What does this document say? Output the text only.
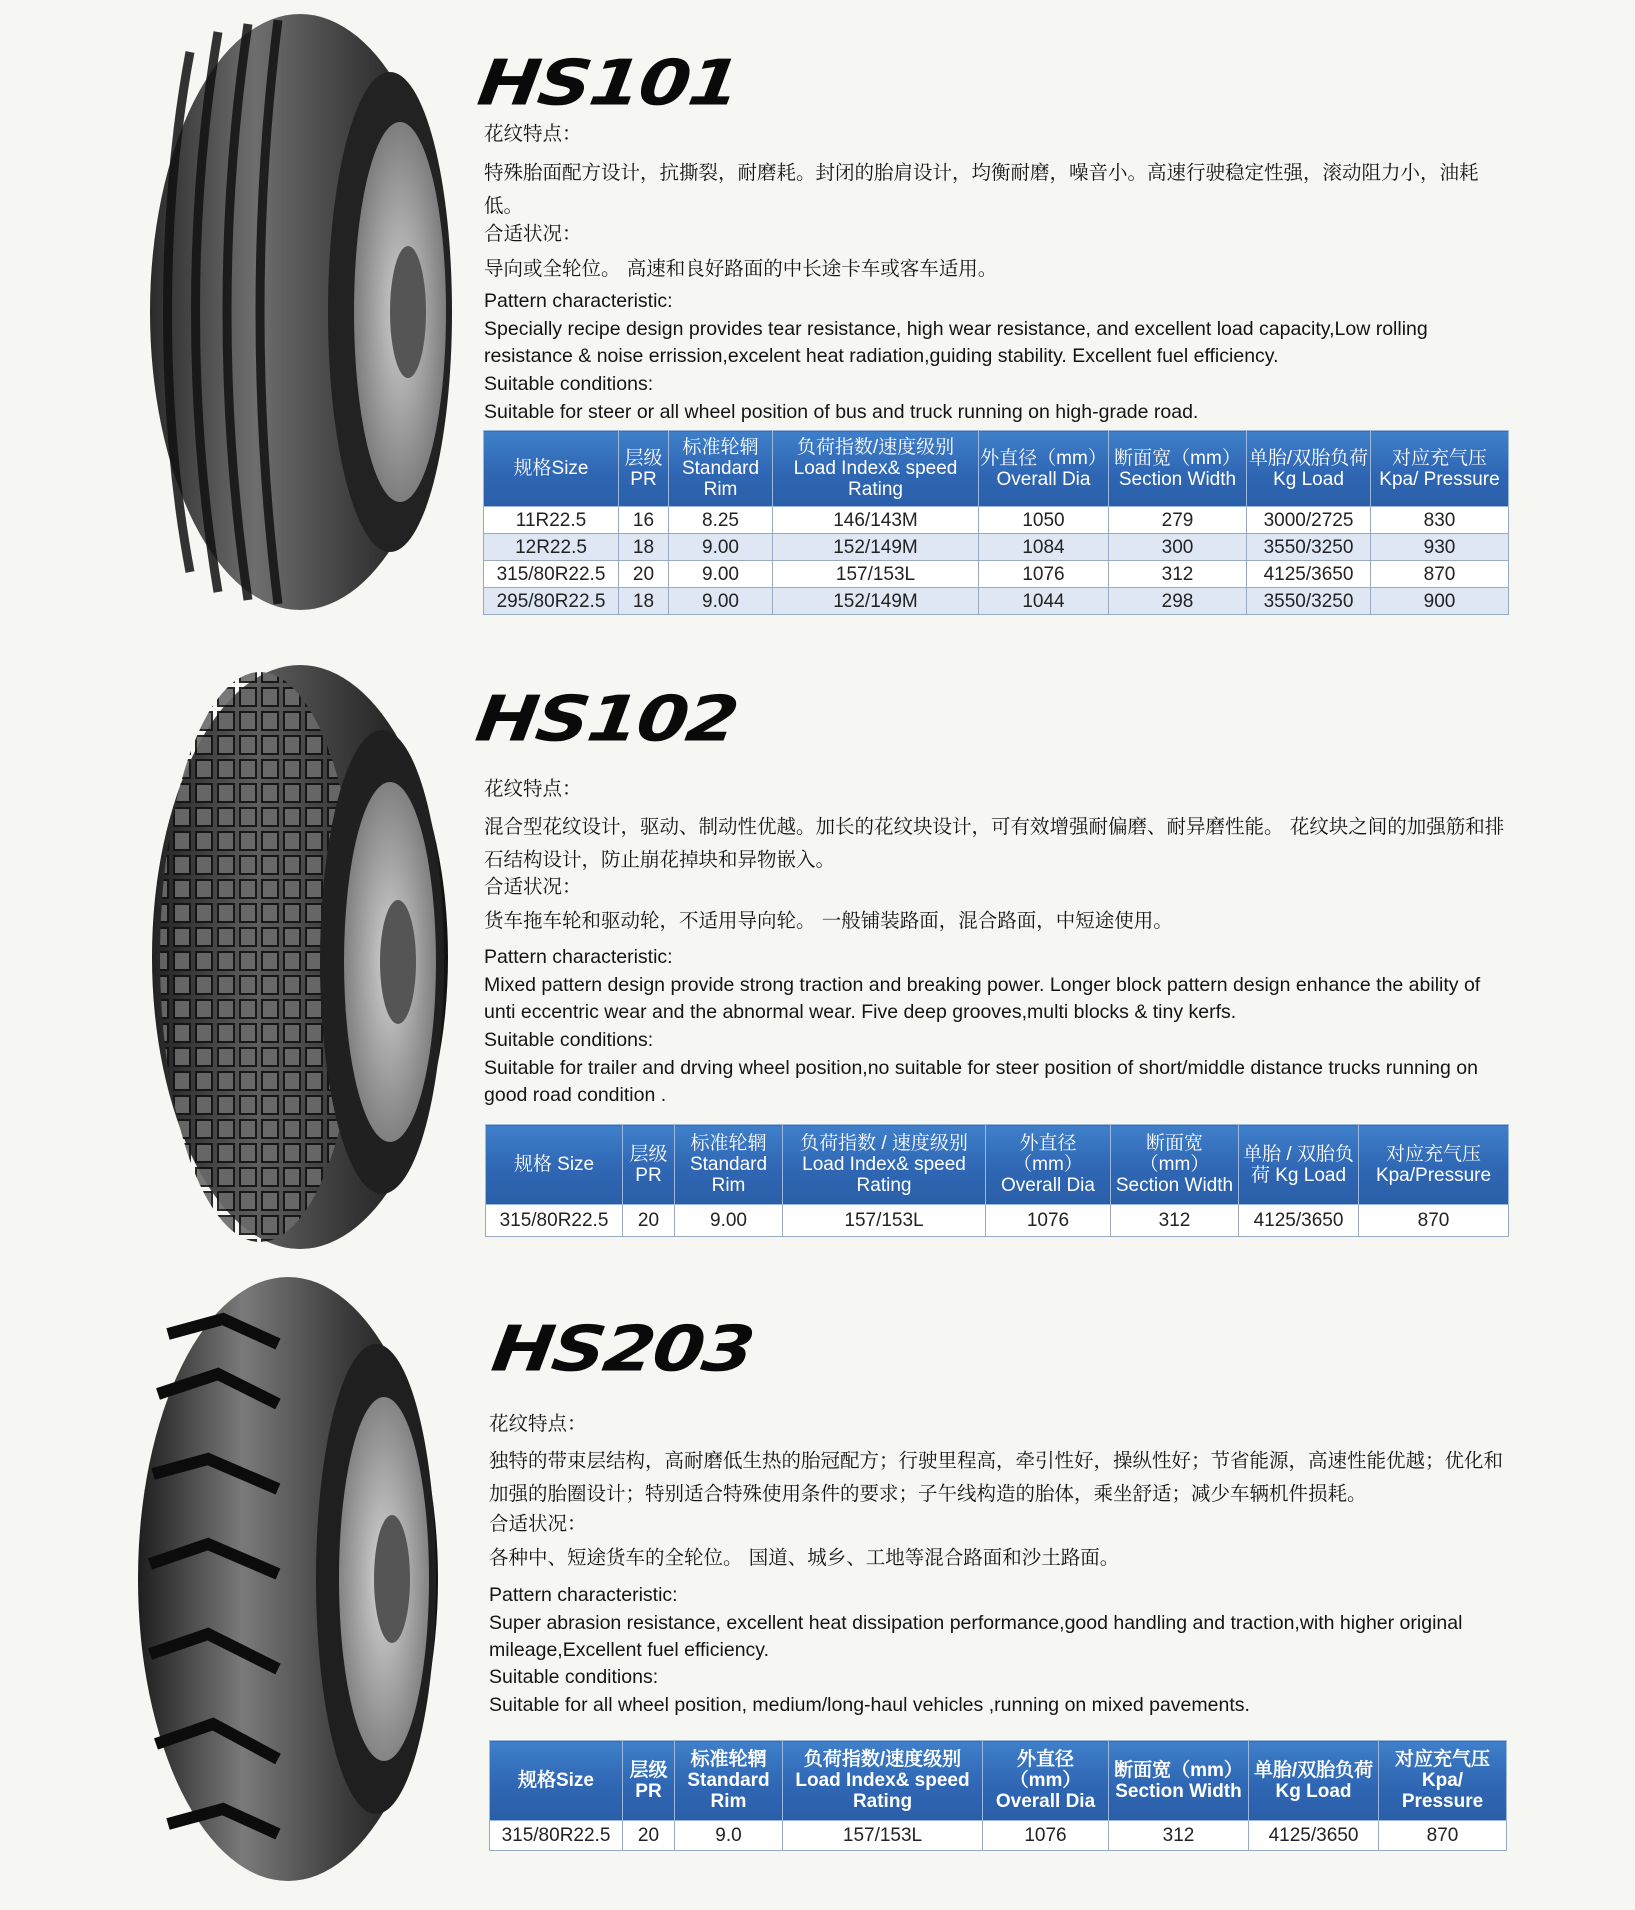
HS101
花纹特点：
特殊胎面配方设计，抗撕裂，耐磨耗。封闭的胎肩设计，均衡耐磨，噪音小。高速行驶稳定性强，滚动阻力小，油耗低。
合适状况：
导向或全轮位。 高速和良好路面的中长途卡车或客车适用。
Pattern characteristic:
Specially recipe design provides tear resistance, high wear resistance, and excellent load capacity,Low rolling resistance & noise errission,excelent heat radiation,guiding stability. Excellent fuel efficiency.
Suitable conditions:
Suitable for steer or all wheel position of bus and truck running on high-grade road.
规格Size	层级 PR	标准轮辋 Standard Rim	负荷指数/速度级别 Load Index& speed Rating	外直径（mm） Overall Dia	断面宽（mm） Section Width	单胎/双胎负荷Kg Load	对应充气压 Kpa/ Pressure
11R22.5	16	8.25	146/143M	1050	279	3000/2725	830
12R22.5	18	9.00	152/149M	1084	300	3550/3250	930
315/80R22.5	20	9.00	157/153L	1076	312	4125/3650	870
295/80R22.5	18	9.00	152/149M	1044	298	3550/3250	900
HS102
花纹特点：
混合型花纹设计，驱动、制动性优越。加长的花纹块设计，可有效增强耐偏磨、耐异磨性能。 花纹块之间的加强筋和排石结构设计，防止崩花掉块和异物嵌入。
合适状况：
货车拖车轮和驱动轮，不适用导向轮。 一般铺装路面，混合路面，中短途使用。
Pattern characteristic:
Mixed pattern design provide strong traction and breaking power. Longer block pattern design enhance the ability of unti eccentric wear and the abnormal wear. Five deep grooves,multi blocks & tiny kerfs.
Suitable conditions:
Suitable for trailer and drving wheel position,no suitable for steer position of short/middle distance trucks running on good road condition .
规格 Size	层级 PR	标准轮辋 Standard Rim	负荷指数 / 速度级别 Load Index& speed Rating	外直径（mm） Overall Dia	断面宽（mm） Section Width	单胎 / 双胎负荷 Kg Load	对应充气压 Kpa/Pressure
315/80R22.5	20	9.00	157/153L	1076	312	4125/3650	870
HS203
花纹特点：
独特的带束层结构，高耐磨低生热的胎冠配方；行驶里程高，牵引性好，操纵性好；节省能源，高速性能优越；优化和加强的胎圈设计；特别适合特殊使用条件的要求；子午线构造的胎体，乘坐舒适；减少车辆机件损耗。
合适状况：
各种中、短途货车的全轮位。 国道、城乡、工地等混合路面和沙土路面。
Pattern characteristic:
Super abrasion resistance, excellent heat dissipation performance,good handling and traction,with higher original mileage,Excellent fuel efficiency.
Suitable conditions:
Suitable for all wheel position, medium/long-haul vehicles ,running on mixed pavements.
规格Size	层级 PR	标准轮辋 Standard Rim	负荷指数/速度级别 Load Index& speed Rating	外直径（mm） Overall Dia	断面宽（mm） Section Width	单胎/双胎负荷 Kg Load	对应充气压 Kpa/ Pressure
315/80R22.5	20	9.0	157/153L	1076	312	4125/3650	870
